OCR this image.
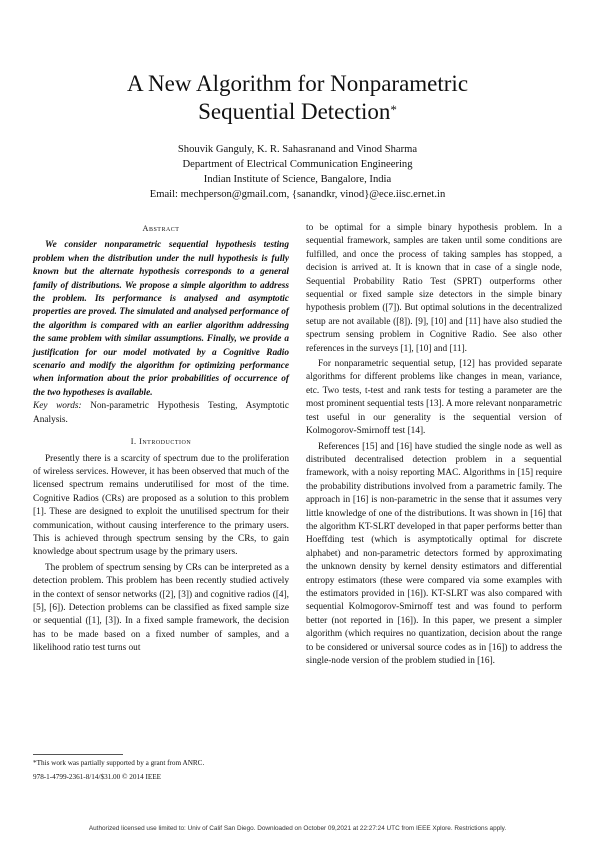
A New Algorithm for Nonparametric
Sequential Detection*
Shouvik Ganguly, K. R. Sahasranand and Vinod Sharma
Department of Electrical Communication Engineering
Indian Institute of Science, Bangalore, India
Email: mechperson@gmail.com, {sanandkr, vinod}@ece.iisc.ernet.in
Abstract

We consider nonparametric sequential hypothesis testing problem when the distribution under the null hypothesis is fully known but the alternate hypothesis corresponds to a general family of distributions. We propose a simple algorithm to address the problem. Its performance is analysed and asymptotic properties are proved. The simulated and analysed performance of the algorithm is compared with an earlier algorithm addressing the same problem with similar assumptions. Finally, we provide a justification for our model motivated by a Cognitive Radio scenario and modify the algorithm for optimizing performance when information about the prior probabilities of occurrence of the two hypotheses is available.

Key words: Non-parametric Hypothesis Testing, Asymptotic Analysis.

I. Introduction

Presently there is a scarcity of spectrum due to the proliferation of wireless services. However, it has been observed that much of the licensed spectrum remains underutilised for most of the time. Cognitive Radios (CRs) are proposed as a solution to this problem [1]. These are designed to exploit the unutilised spectrum for their communication, without causing interference to the primary users. This is achieved through spectrum sensing by the CRs, to gain knowledge about spectrum usage by the primary users.

The problem of spectrum sensing by CRs can be interpreted as a detection problem. This problem has been recently studied actively in the context of sensor networks ([2], [3]) and cognitive radios ([4], [5], [6]). Detection problems can be classified as fixed sample size or sequential ([1], [3]). In a fixed sample framework, the decision has to be made based on a fixed number of samples, and a likelihood ratio test turns out

to be optimal for a simple binary hypothesis problem. In a sequential framework, samples are taken until some conditions are fulfilled, and once the process of taking samples has stopped, a decision is arrived at. It is known that in case of a single node, Sequential Probability Ratio Test (SPRT) outperforms other sequential or fixed sample size detectors in the simple binary hypothesis problem ([7]). But optimal solutions in the decentralized setup are not available ([8]). [9], [10] and [11] have also studied the spectrum sensing problem in Cognitive Radio. See also other references in the surveys [1], [10] and [11].

For nonparametric sequential setup, [12] has provided separate algorithms for different problems like changes in mean, variance, etc. Two tests, t-test and rank tests for testing a parameter are the most prominent sequential tests [13]. A more relevant nonparametric test useful in our generality is the sequential version of Kolmogorov-Smirnoff test [14].

References [15] and [16] have studied the single node as well as distributed decentralised detection problem in a sequential framework, with a noisy reporting MAC. Algorithms in [15] require the probability distributions involved from a parametric family. The approach in [16] is non-parametric in the sense that it assumes very little knowledge of one of the distributions. It was shown in [16] that the algorithm KT-SLRT developed in that paper performs better than Hoeffding test (which is asymptotically optimal for discrete alphabet) and non-parametric detectors formed by approximating the unknown density by kernel density estimators and differential entropy estimators (these were compared via some examples with the estimators provided in [16]). KT-SLRT was also compared with sequential Kolmogorov-Smirnoff test and was found to perform better (not reported in [16]). In this paper, we present a simpler algorithm (which requires no quantization, decision about the range to be considered or universal source codes as in [16]) to address the single-node version of the problem studied in [16].

*This work was partially supported by a grant from ANRC.
978-1-4799-2361-8/14/$31.00 © 2014 IEEE
Authorized licensed use limited to: Univ of Calif San Diego. Downloaded on October 09,2021 at 22:27:24 UTC from IEEE Xplore. Restrictions apply.
